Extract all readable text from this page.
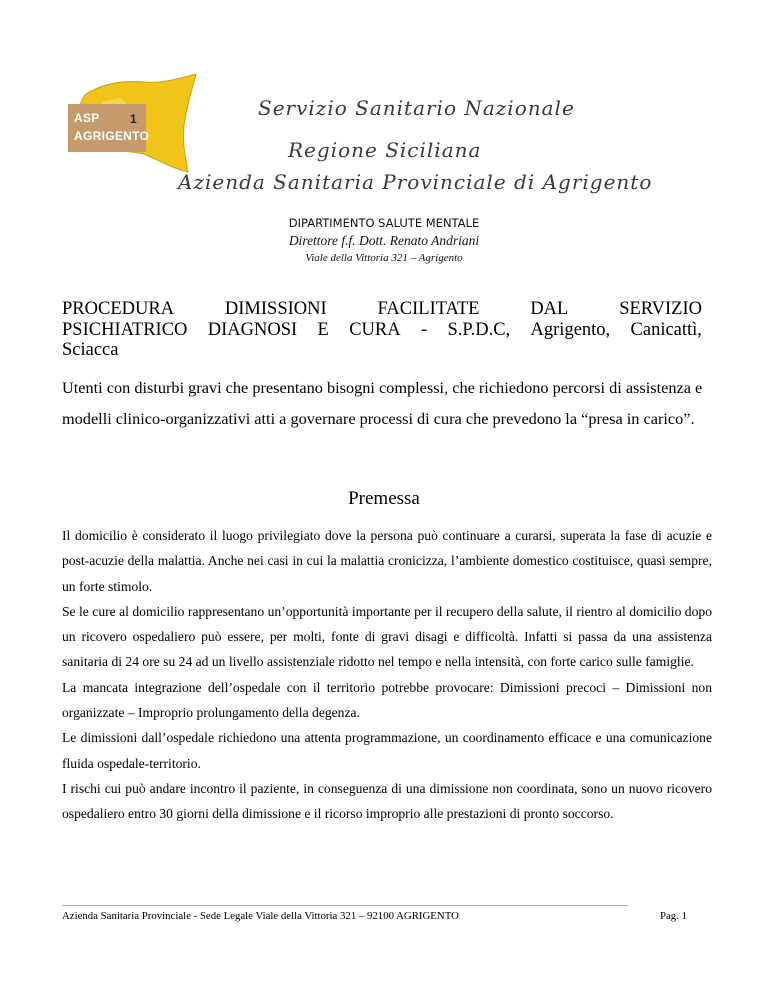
ASP
AGRIGENTO
1	Servizio Sanitario Nazionale
Regione Siciliana
Azienda Sanitaria Provinciale di Agrigento
DIPARTIMENTO SALUTE MENTALE
Direttore f.f. Dott. Renato Andriani
Viale della Vittoria 321 – Agrigento
PROCEDURA	DIMISSIONI	FACILITATE	DAL	SERVIZIO
PSICHIATRICO DIAGNOSI E CURA - S.P.D.C, Agrigento, Canicattì,
Sciacca
Utenti con disturbi gravi che presentano bisogni complessi, che richiedono percorsi di assistenza e modelli clinico-organizzativi atti a governare processi di cura che prevedono la “presa in carico”.
Premessa

Il domicilio è considerato il luogo privilegiato dove la persona può continuare a curarsi, superata la fase di acuzie e post-acuzie della malattia. Anche nei casi in cui la malattia cronicizza, l’ambiente domestico costituisce, quasi sempre, un forte stimolo.

Se le cure al domicilio rappresentano un’opportunità importante per il recupero della salute, il rientro al domicilio dopo un ricovero ospedaliero può essere, per molti, fonte di gravi disagi e difficoltà. Infatti si passa da una assistenza sanitaria di 24 ore su 24 ad un livello assistenziale ridotto nel tempo e nella intensità, con forte carico sulle famiglie.

La mancata integrazione dell’ospedale con il territorio potrebbe provocare: Dimissioni precoci – Dimissioni non organizzate – Improprio prolungamento della degenza.

Le dimissioni dall’ospedale richiedono una attenta programmazione, un coordinamento efficace e una comunicazione fluida ospedale-territorio.

I rischi cui può andare incontro il paziente, in conseguenza di una dimissione non coordinata, sono un nuovo ricovero ospedaliero entro 30 giorni della dimissione e il ricorso improprio alle prestazioni di pronto soccorso.

Azienda Sanitaria Provinciale - Sede Legale Viale della Vittoria 321 – 92100 AGRIGENTO	Pag. 1
